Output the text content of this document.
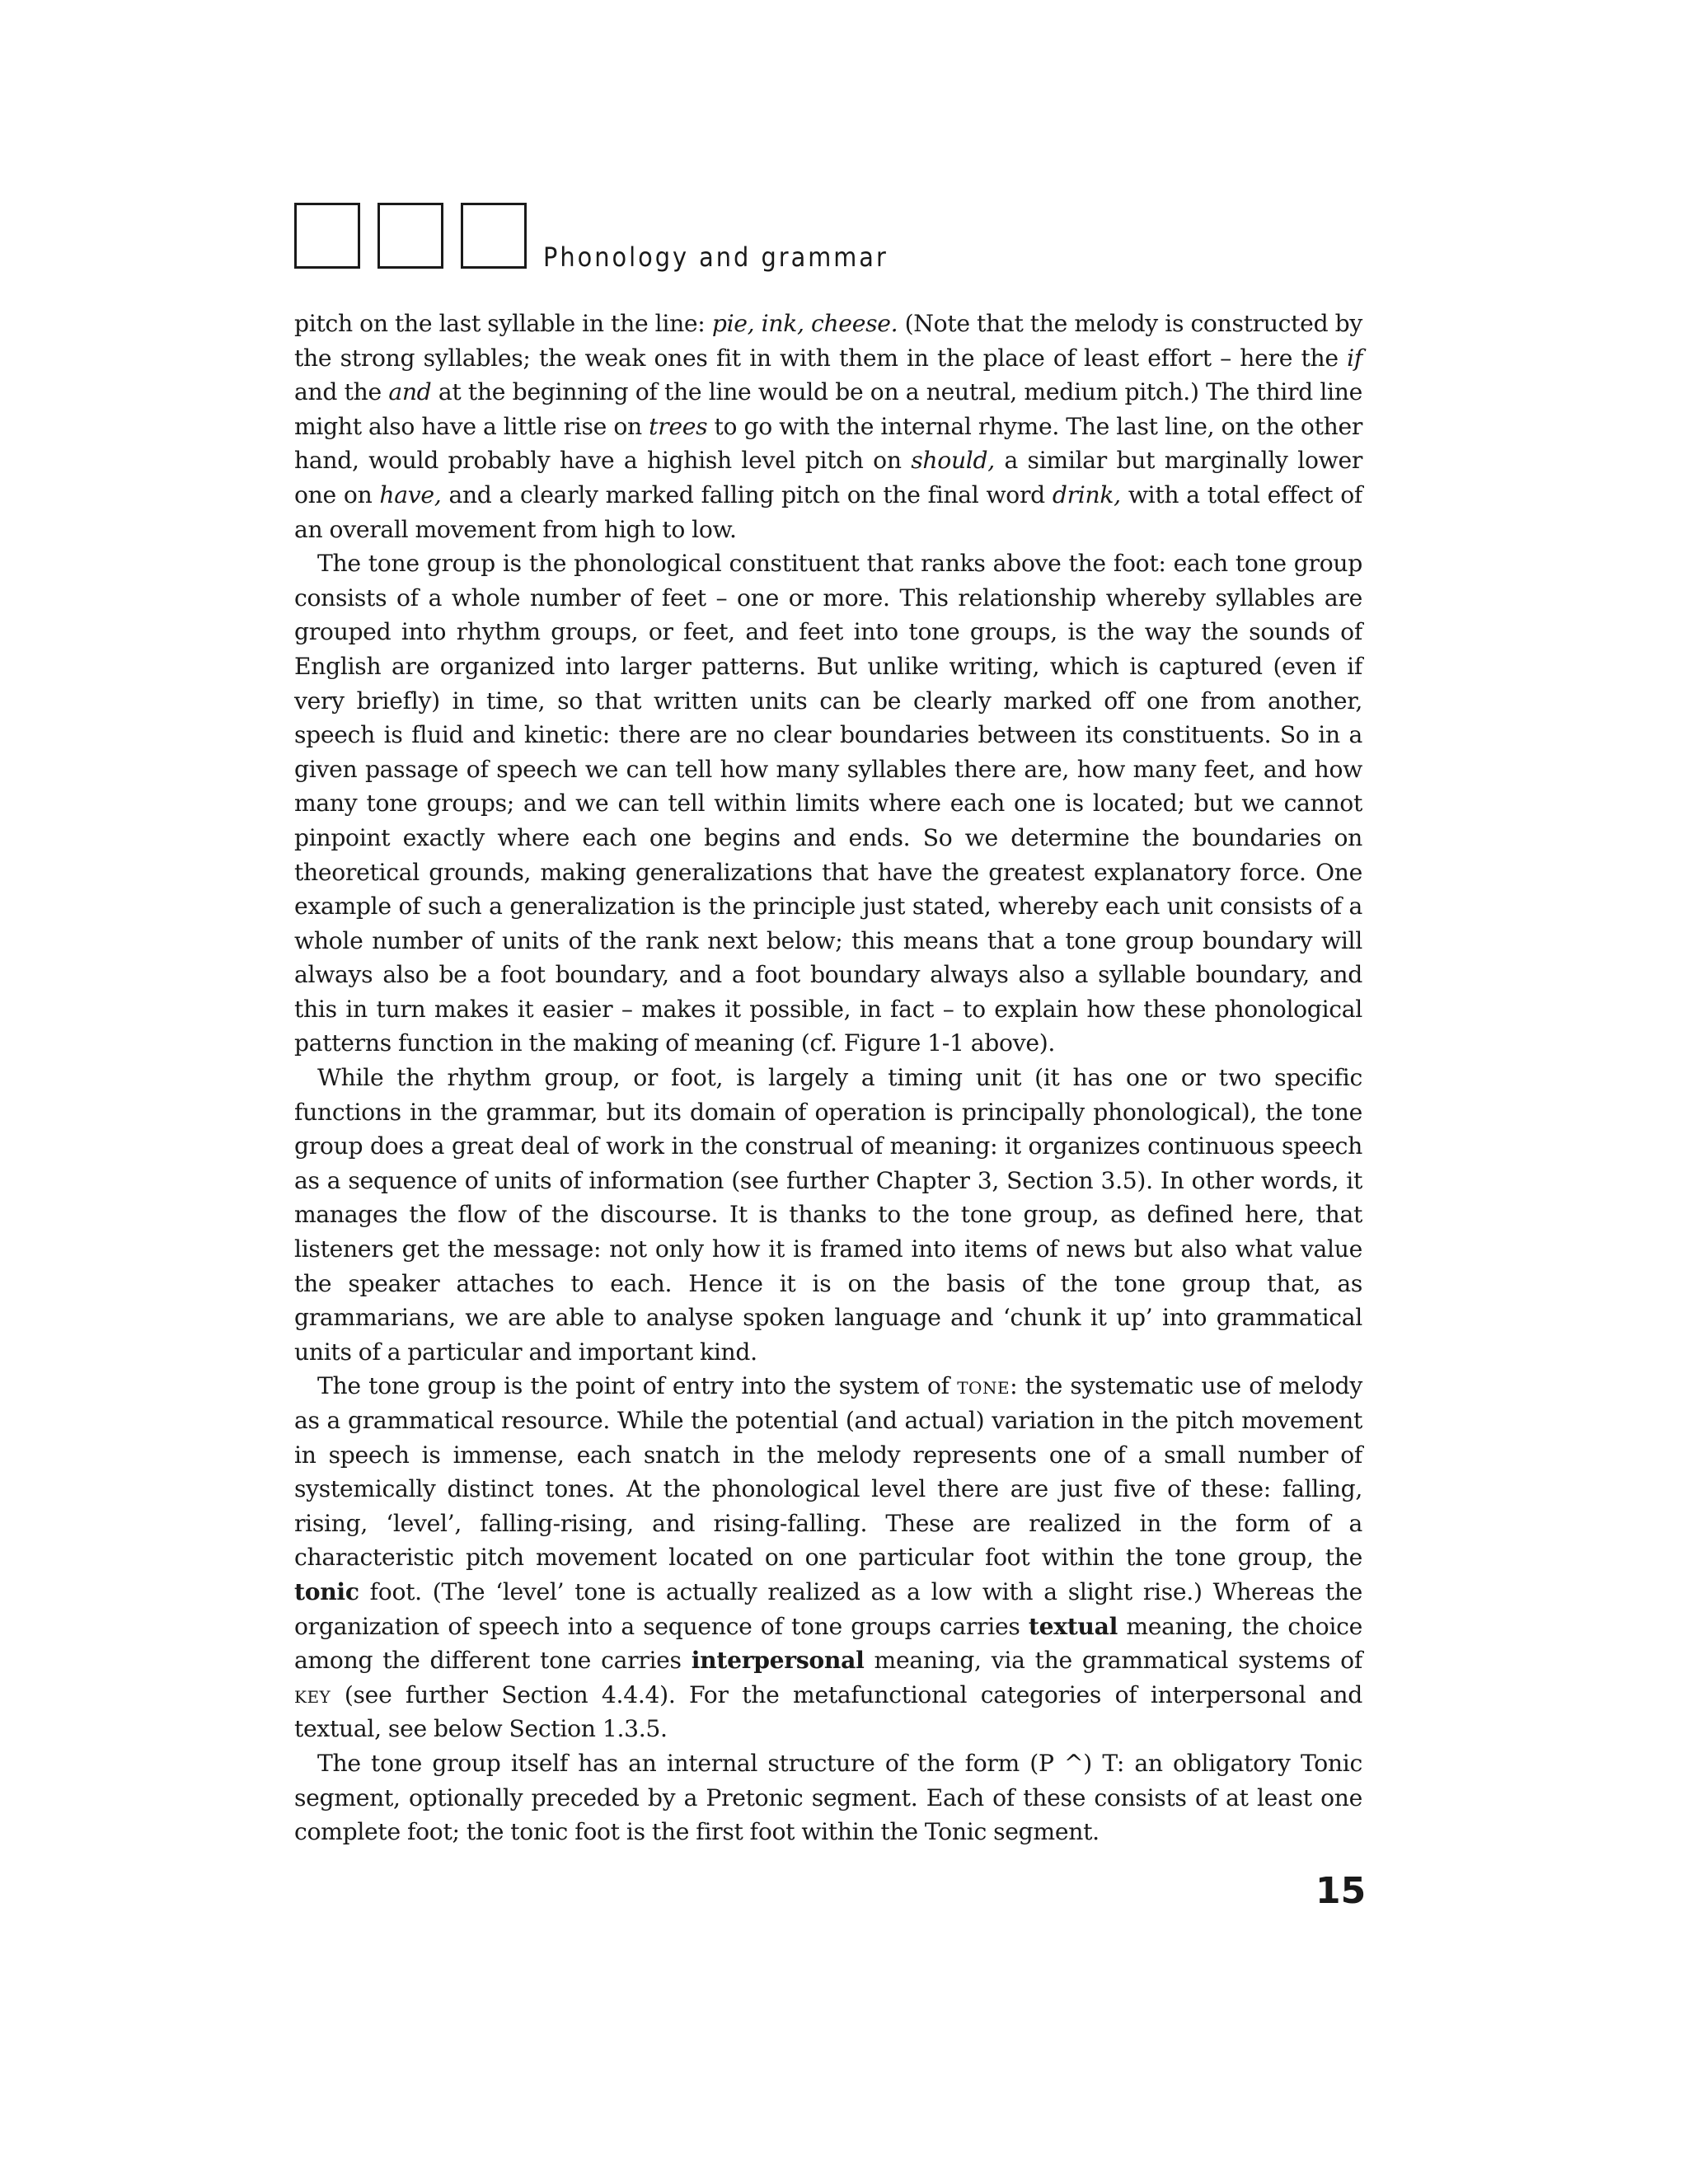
Phonology and grammar

pitch on the last syllable in the line: pie, ink, cheese. (Note that the melody is constructed by the strong syllables; the weak ones fit in with them in the place of least effort – here the if and the and at the beginning of the line would be on a neutral, medium pitch.) The third line might also have a little rise on trees to go with the internal rhyme. The last line, on the other hand, would probably have a highish level pitch on should, a similar but marginally lower one on have, and a clearly marked falling pitch on the final word drink, with a total effect of an overall movement from high to low.

The tone group is the phonological constituent that ranks above the foot: each tone group consists of a whole number of feet – one or more. This relationship whereby syllables are grouped into rhythm groups, or feet, and feet into tone groups, is the way the sounds of English are organized into larger patterns. But unlike writing, which is captured (even if very briefly) in time, so that written units can be clearly marked off one from another, speech is fluid and kinetic: there are no clear boundaries between its constituents. So in a given passage of speech we can tell how many syllables there are, how many feet, and how many tone groups; and we can tell within limits where each one is located; but we cannot pinpoint exactly where each one begins and ends. So we determine the boundaries on theoretical grounds, making generalizations that have the greatest explanatory force. One example of such a generalization is the principle just stated, whereby each unit consists of a whole number of units of the rank next below; this means that a tone group boundary will always also be a foot boundary, and a foot boundary always also a syllable boundary, and this in turn makes it easier – makes it possible, in fact – to explain how these phonological patterns function in the making of meaning (cf. Figure 1-1 above).

While the rhythm group, or foot, is largely a timing unit (it has one or two specific functions in the grammar, but its domain of operation is principally phonological), the tone group does a great deal of work in the construal of meaning: it organizes continuous speech as a sequence of units of information (see further Chapter 3, Section 3.5). In other words, it manages the flow of the discourse. It is thanks to the tone group, as defined here, that listeners get the message: not only how it is framed into items of news but also what value the speaker attaches to each. Hence it is on the basis of the tone group that, as grammarians, we are able to analyse spoken language and ‘chunk it up’ into grammatical units of a particular and important kind.

The tone group is the point of entry into the system of tone: the systematic use of melody as a grammatical resource. While the potential (and actual) variation in the pitch movement in speech is immense, each snatch in the melody represents one of a small number of systemically distinct tones. At the phonological level there are just five of these: falling, rising, ‘level’, falling-rising, and rising-falling. These are realized in the form of a characteristic pitch movement located on one particular foot within the tone group, the tonic foot. (The ‘level’ tone is actually realized as a low with a slight rise.) Whereas the organization of speech into a sequence of tone groups carries textual meaning, the choice among the different tone carries interpersonal meaning, via the grammatical systems of key (see further Section 4.4.4). For the metafunctional categories of interpersonal and textual, see below Section 1.3.5.

The tone group itself has an internal structure of the form (P ^) T: an obligatory Tonic segment, optionally preceded by a Pretonic segment. Each of these consists of at least one complete foot; the tonic foot is the first foot within the Tonic segment.

15
